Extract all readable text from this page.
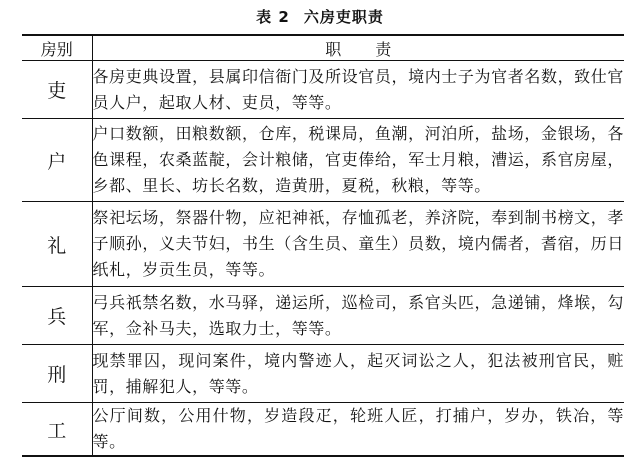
表 2 六房吏职责
房别	职责
吏	各房吏典设置，县属印信衙门及所设官员，境内士子为官者名数，致仕官员人户，起取人材、吏员，等等。
户	户口数额，田粮数额，仓库，税课局，鱼潮，河泊所，盐场，金银场，各色课程，农桑蓝靛，会计粮储，官吏俸给，军士月粮，漕运，系官房屋，乡都、里长、坊长名数，造黄册，夏税，秋粮，等等。
礼	祭祀坛场，祭器什物，应祀神祇，存恤孤老，养济院，奉到制书榜文，孝子顺孙，义夫节妇，书生（含生员、童生）员数，境内儒者，耆宿，历日纸札，岁贡生员，等等。
兵	弓兵祇禁名数，水马驿，递运所，巡检司，系官头匹，急递铺，烽堠，勾军，佥补马夫，选取力士，等等。
刑	现禁罪囚，现问案件，境内警迹人，起灭词讼之人，犯法被刑官民，赃罚，捕解犯人，等等。
工	公厅间数，公用什物，岁造段疋，轮班人匠，打捕户，岁办，铁冶，等等。
